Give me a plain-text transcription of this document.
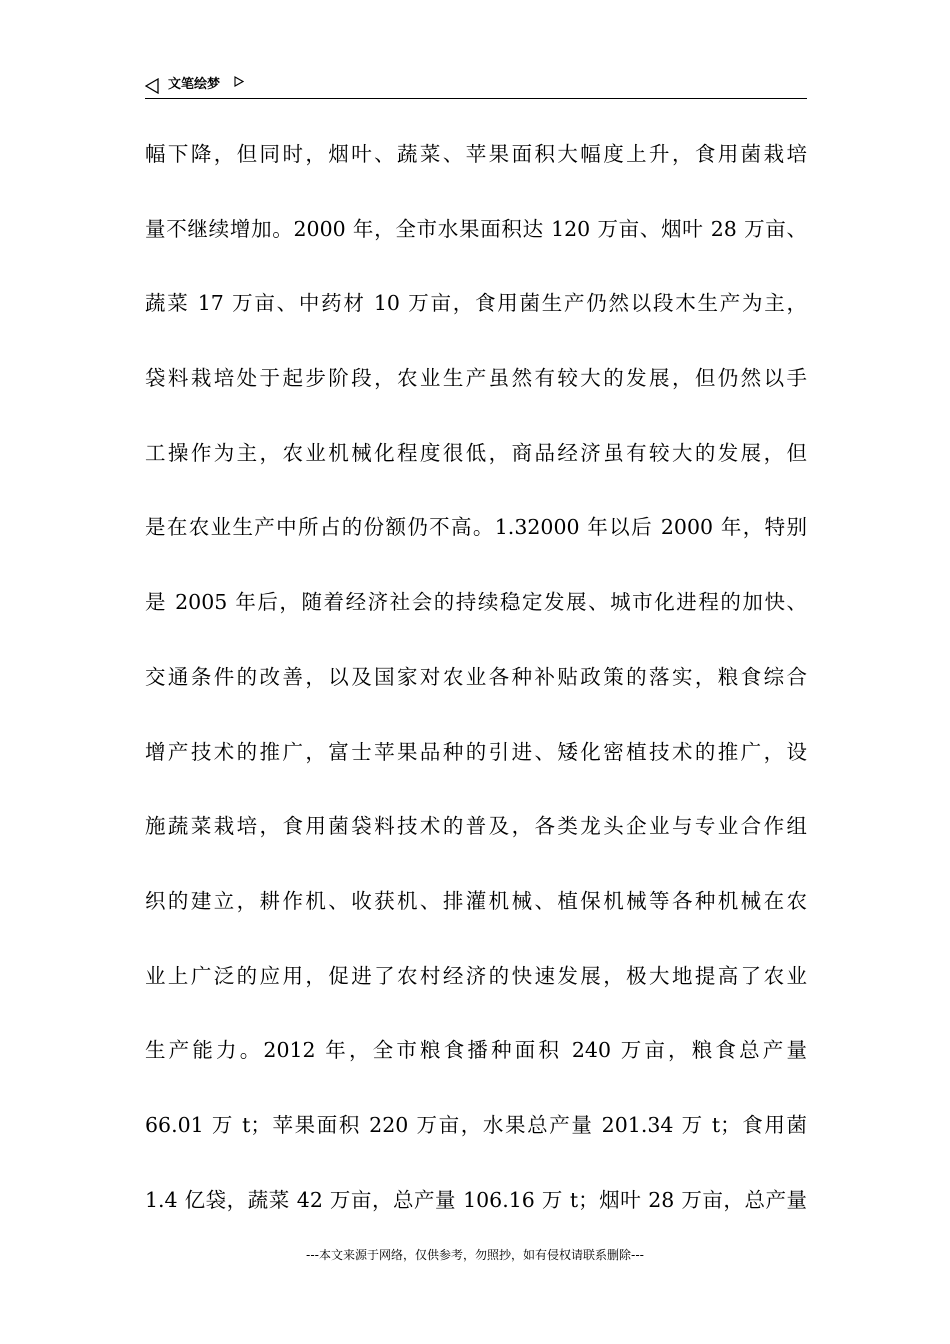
文笔绘梦
幅下降，但同时，烟叶、蔬菜、苹果面积大幅度上升，食用菌栽培
量不继续增加。2000 年，全市水果面积达 120 万亩、烟叶 28 万亩、
蔬菜 17 万亩、中药材 10 万亩，食用菌生产仍然以段木生产为主，
袋料栽培处于起步阶段，农业生产虽然有较大的发展，但仍然以手
工操作为主，农业机械化程度很低，商品经济虽有较大的发展，但
是在农业生产中所占的份额仍不高。1.32000 年以后 2000 年，特别
是 2005 年后，随着经济社会的持续稳定发展、城市化进程的加快、
交通条件的改善，以及国家对农业各种补贴政策的落实，粮食综合
增产技术的推广，富士苹果品种的引进、矮化密植技术的推广，设
施蔬菜栽培，食用菌袋料技术的普及，各类龙头企业与专业合作组
织的建立，耕作机、收获机、排灌机械、植保机械等各种机械在农
业上广泛的应用，促进了农村经济的快速发展，极大地提高了农业
生产能力。2012 年，全市粮食播种面积 240 万亩，粮食总产量
66.01 万 t；苹果面积 220 万亩，水果总产量 201.34 万 t；食用菌
1.4 亿袋，蔬菜 42 万亩，总产量 106.16 万 t；烟叶 28 万亩，总产量
---本文来源于网络，仅供参考，勿照抄，如有侵权请联系删除---
